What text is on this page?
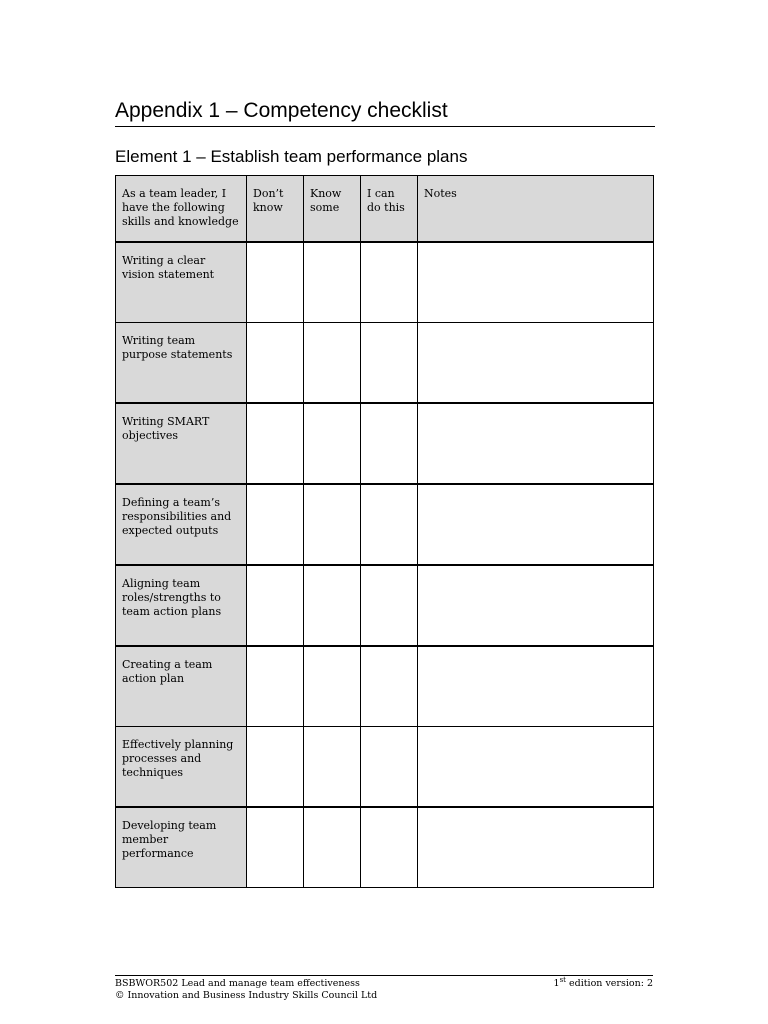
Appendix 1 – Competency checklist
Element 1 – Establish team performance plans
As a team leader, I have the following skills and knowledge	Don’t know	Know some	I can do this	Notes
Writing a clear vision statement				
Writing team purpose statements				
Writing SMART objectives				
Defining a team’s responsibilities and expected outputs				
Aligning team roles/strengths to team action plans				
Creating a team action plan				
Effectively planning processes and techniques				
Developing team member performance				
BSBWOR502 Lead and manage team effectiveness	1st edition version: 2
© Innovation and Business Industry Skills Council Ltd
